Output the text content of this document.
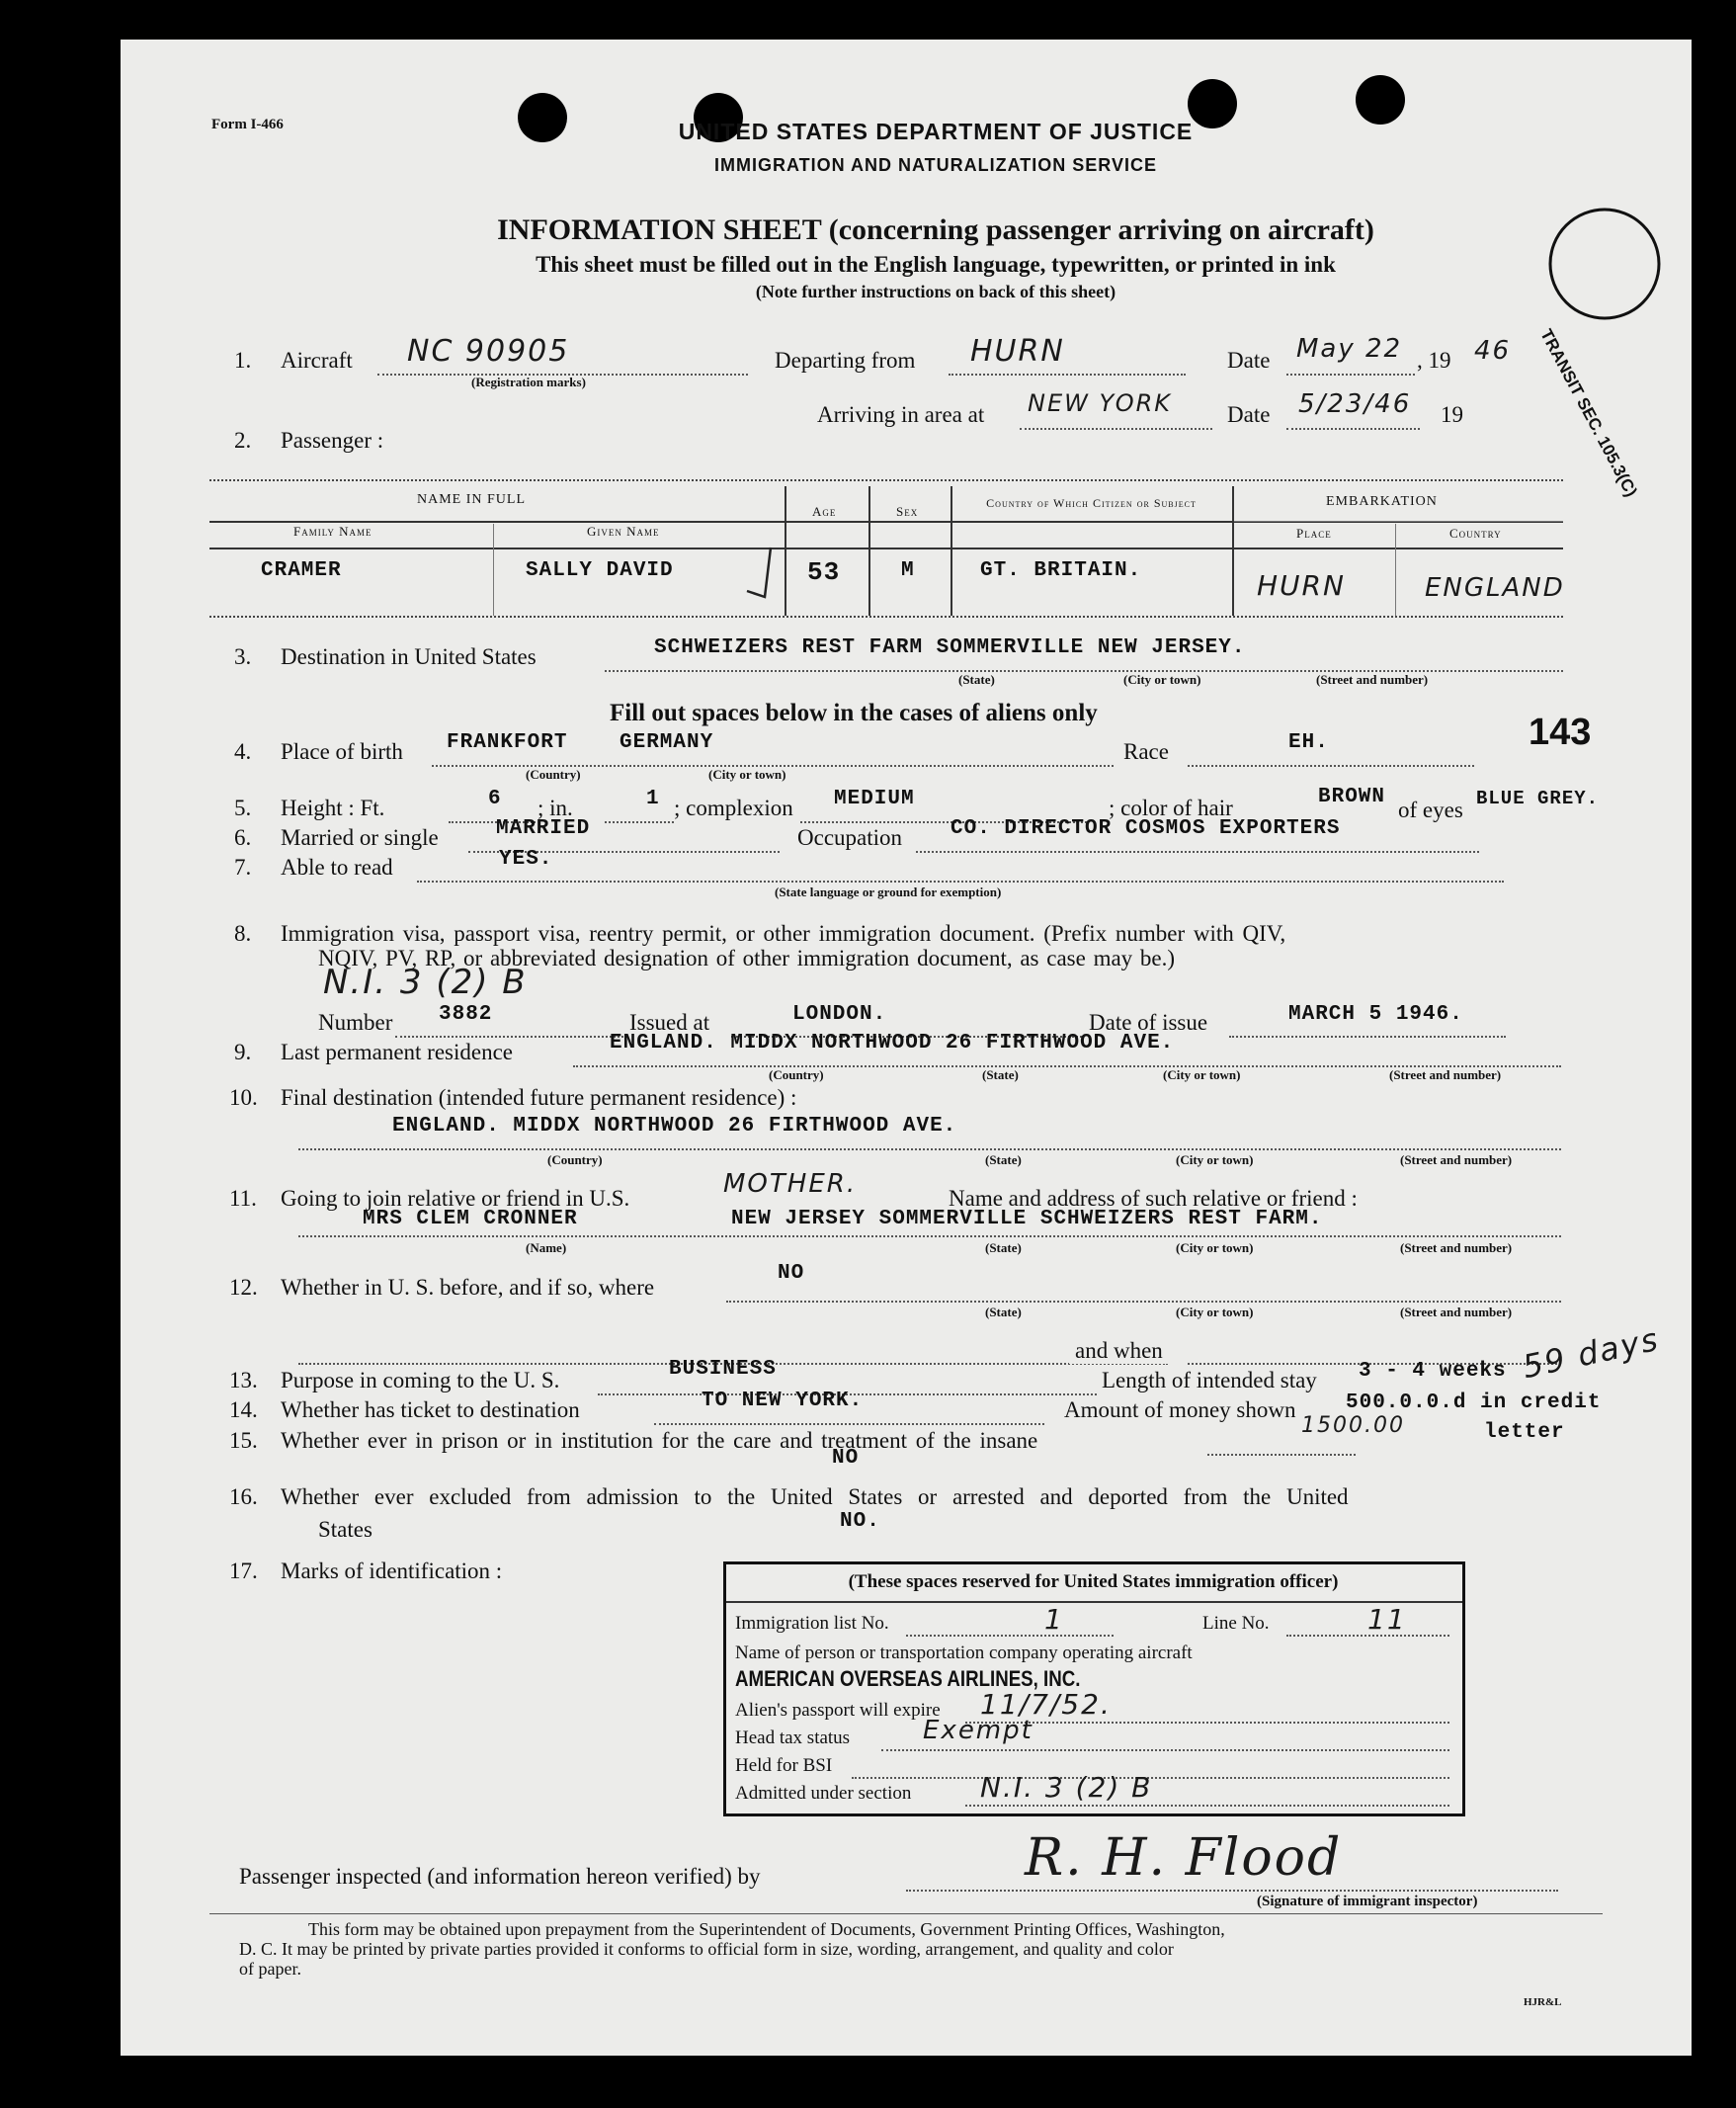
Form I-466	UNITED STATES DEPARTMENT OF JUSTICE
IMMIGRATION AND NATURALIZATION SERVICE
INFORMATION SHEET (concerning passenger arriving on aircraft)
This sheet must be filled out in the English language, typewritten, or printed in ink
(Note further instructions on back of this sheet)
TRANSIT SEC. 105.3(C)
1. Aircraft NC 90905
(Registration marks)
Departing from HURN	Date May 22 , 19 46
Arriving in area at NEW YORK Date 5/23/46 19
2. Passenger :
NAME IN FULL
Family Name	Given Name
Age	Sex
Country of Which Citizen or Subject	EMBARKATION
Place	Country
CRAMER	SALLY DAVID	53	M	GT. BRITAIN.	HURN	ENGLAND
3. Destination in United States	SCHWEIZERS REST FARM SOMMERVILLE NEW JERSEY.
(State)	(City or town)	(Street and number)
Fill out spaces below in the cases of aliens only
4. Place of birth FRANKFORT	GERMANY
(Country)	(City or town)
Race	EH.	143
5. Height : Ft.	6 ; in.	1 ; complexion MEDIUM	; color of hair	BROWN
of eyes BLUE GREY.
6. Married or single	MARRIED	Occupation CO. DIRECTOR COSMOS EXPORTERS
7. Able to read	YES.
(State language or ground for exemption)
8. Immigration visa, passport visa, reentry permit, or other immigration document. (Prefix number with QIV,
NQIV, PV, RP, or abbreviated designation of other immigration document, as case may be.)
N.I. 3 (2) B
Number 3882	Issued at	LONDON.	Date of issue	MARCH 5 1946.
9. Last permanent residence	ENGLAND. MIDDX NORTHWOOD 26 FIRTHWOOD AVE.
(Country)	(State)	(City or town)	(Street and number)
10. Final destination (intended future permanent residence) :
ENGLAND. MIDDX NORTHWOOD 26 FIRTHWOOD AVE.
(Country)	(State)	(City or town)	(Street and number)
11. Going to join relative or friend in U.S.	MOTHER.	Name and address of such relative or friend :
MRS CLEM CRONNER	NEW JERSEY SOMMERVILLE SCHWEIZERS REST FARM.
(Name)	(State)	(City or town)	(Street and number)
12. Whether in U. S. before, and if so, where
NO
(State)	(City or town)	(Street and number)
and when
13. Purpose in coming to the U. S.	BUSINESS	Length of intended stay 3 - 4 weeks 59 days
14. Whether has ticket to destination	TO NEW YORK.	Amount of money shown 500.0.0.d in credit
1500.00	letter
15. Whether ever in prison or in institution for the care and treatment of the insane
NO
16. Whether ever excluded from admission to the United States or arrested and deported from the United
States	NO.
17. Marks of identification :	(These spaces reserved for United States immigration officer)
Immigration list No.	1	Line No.	11
Name of person or transportation company operating aircraft
AMERICAN OVERSEAS AIRLINES, INC.
Alien's passport will expire 11/7/52.
Head tax status	Exempt
Held for BSI
Admitted under section N.I. 3 (2) B
Passenger inspected (and information hereon verified) by	R. H. Flood
(Signature of immigrant inspector)
This form may be obtained upon prepayment from the Superintendent of Documents, Government Printing Offices, Washington,
D. C. It may be printed by private parties provided it conforms to official form in size, wording, arrangement, and quality and color
of paper.
HJR&L
